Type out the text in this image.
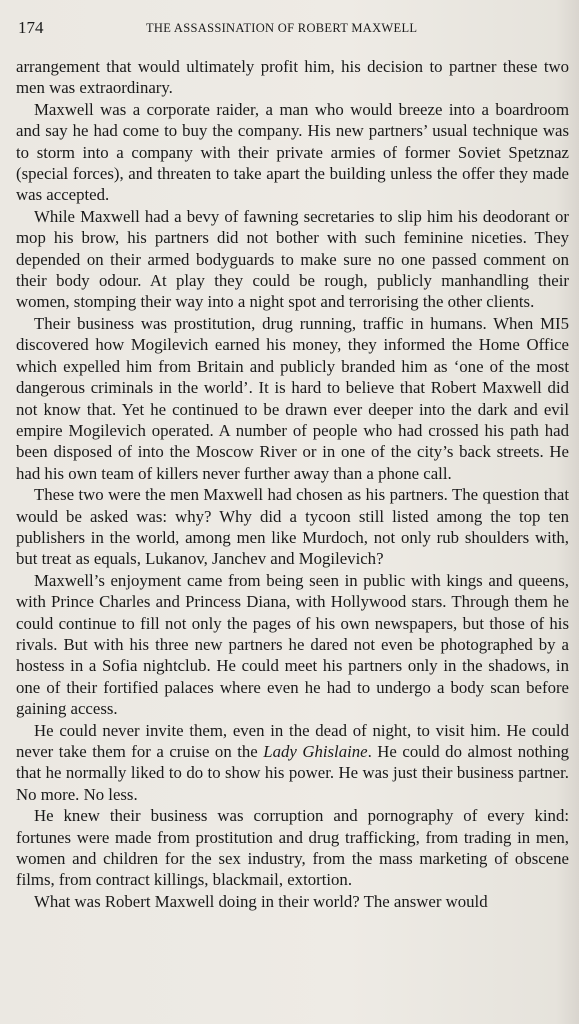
174	THE ASSASSINATION OF ROBERT MAXWELL

arrangement that would ultimately profit him, his decision to partner these two men was extraordinary.

Maxwell was a corporate raider, a man who would breeze into a boardroom and say he had come to buy the company. His new partners’ usual technique was to storm into a company with their private armies of former Soviet Spetznaz (special forces), and threaten to take apart the building unless the offer they made was accepted.

While Maxwell had a bevy of fawning secretaries to slip him his deodorant or mop his brow, his partners did not bother with such feminine niceties. They depended on their armed bodyguards to make sure no one passed comment on their body odour. At play they could be rough, publicly manhandling their women, stomping their way into a night spot and terrorising the other clients.

Their business was prostitution, drug running, traffic in humans. When MI5 discovered how Mogilevich earned his money, they informed the Home Office which expelled him from Britain and publicly branded him as ‘one of the most dangerous criminals in the world’. It is hard to believe that Robert Maxwell did not know that. Yet he continued to be drawn ever deeper into the dark and evil empire Mogilevich operated. A number of people who had crossed his path had been disposed of into the Moscow River or in one of the city’s back streets. He had his own team of killers never further away than a phone call.

These two were the men Maxwell had chosen as his partners. The question that would be asked was: why? Why did a tycoon still listed among the top ten publishers in the world, among men like Murdoch, not only rub shoulders with, but treat as equals, Lukanov, Janchev and Mogilevich?

Maxwell’s enjoyment came from being seen in public with kings and queens, with Prince Charles and Princess Diana, with Hollywood stars. Through them he could continue to fill not only the pages of his own newspapers, but those of his rivals. But with his three new partners he dared not even be photographed by a hostess in a Sofia nightclub. He could meet his partners only in the shadows, in one of their fortified palaces where even he had to undergo a body scan before gaining access.

He could never invite them, even in the dead of night, to visit him. He could never take them for a cruise on the Lady Ghislaine. He could do almost nothing that he normally liked to do to show his power. He was just their business partner. No more. No less.

He knew their business was corruption and pornography of every kind: fortunes were made from prostitution and drug trafficking, from trading in men, women and children for the sex industry, from the mass marketing of obscene films, from contract killings, blackmail, extortion.

What was Robert Maxwell doing in their world? The answer would
